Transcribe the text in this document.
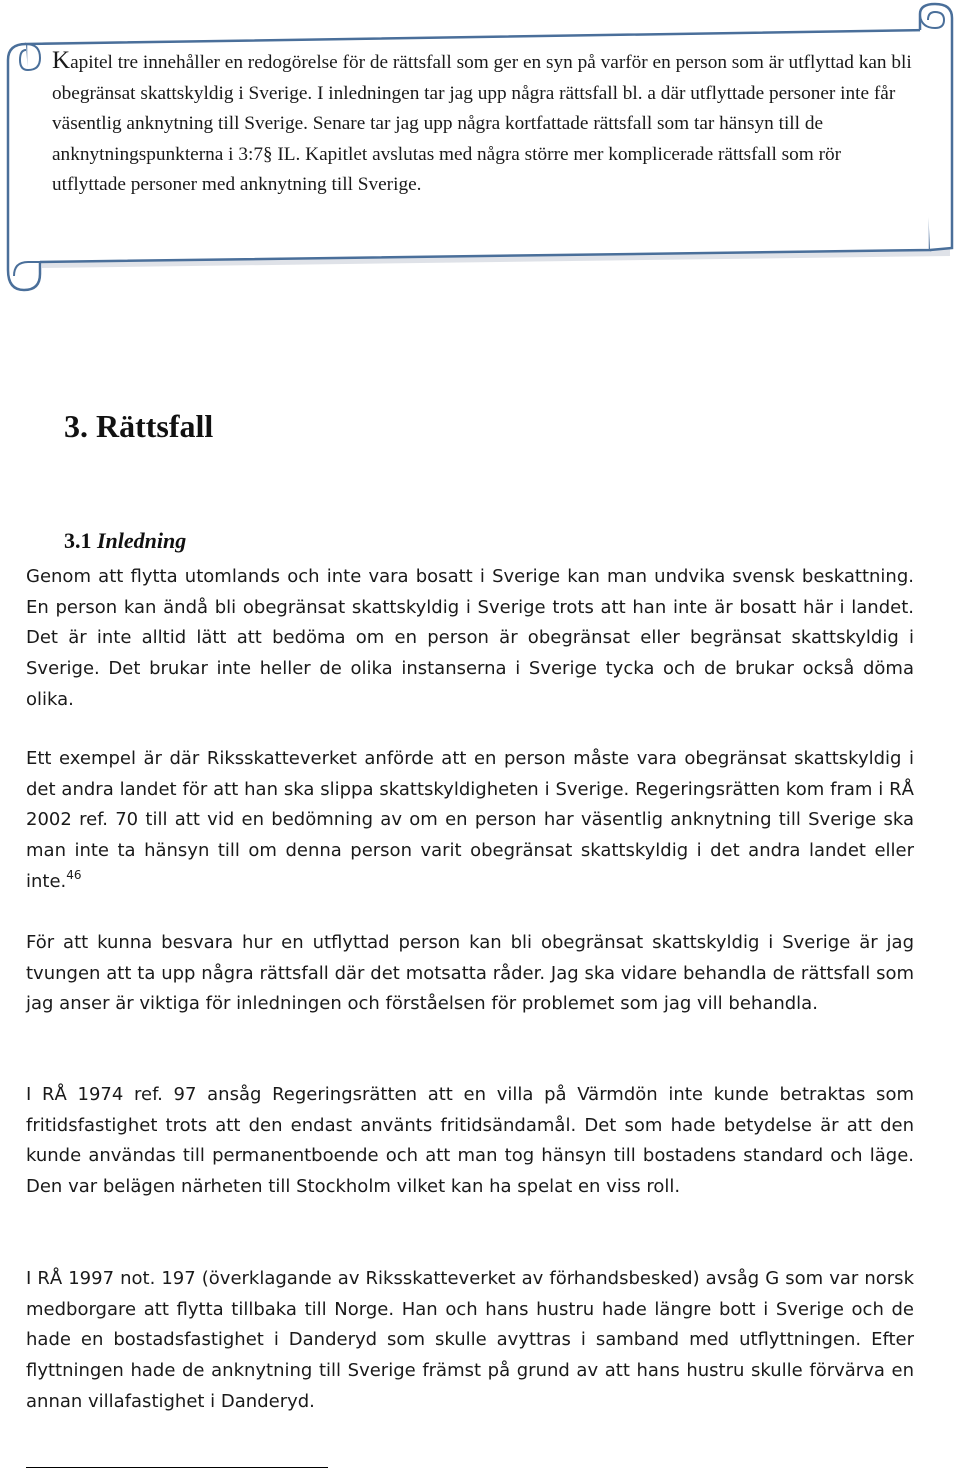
Kapitel tre innehåller en redogörelse för de rättsfall som ger en syn på varför en person som är utflyttad kan bli obegränsat skattskyldig i Sverige. I inledningen tar jag upp några rättsfall bl. a där utflyttade personer inte får väsentlig anknytning till Sverige. Senare tar jag upp några kortfattade rättsfall som tar hänsyn till de anknytningspunkterna i 3:7§ IL. Kapitlet avslutas med några större mer komplicerade rättsfall som rör utflyttade personer med anknytning till Sverige.
3. Rättsfall
3.1 Inledning

Genom att flytta utomlands och inte vara bosatt i Sverige kan man undvika svensk beskattning. En person kan ändå bli obegränsat skattskyldig i Sverige trots att han inte är bosatt här i landet. Det är inte alltid lätt att bedöma om en person är obegränsat eller begränsat skattskyldig i Sverige. Det brukar inte heller de olika instanserna i Sverige tycka och de brukar också döma olika.

Ett exempel är där Riksskatteverket anförde att en person måste vara obegränsat skattskyldig i det andra landet för att han ska slippa skattskyldigheten i Sverige. Regeringsrätten kom fram i RÅ 2002 ref. 70 till att vid en bedömning av om en person har väsentlig anknytning till Sverige ska man inte ta hänsyn till om denna person varit obegränsat skattskyldig i det andra landet eller inte.$^{46}$

För att kunna besvara hur en utflyttad person kan bli obegränsat skattskyldig i Sverige är jag tvungen att ta upp några rättsfall där det motsatta råder. Jag ska vidare behandla de rättsfall som jag anser är viktiga för inledningen och förståelsen för problemet som jag vill behandla.

I RÅ 1974 ref. 97 ansåg Regeringsrätten att en villa på Värmdön inte kunde betraktas som fritidsfastighet trots att den endast använts fritidsändamål. Det som hade betydelse är att den kunde användas till permanentboende och att man tog hänsyn till bostadens standard och läge. Den var belägen närheten till Stockholm vilket kan ha spelat en viss roll.

I RÅ 1997 not. 197 (överklagande av Riksskatteverket av förhandsbesked) avsåg G som var norsk medborgare att flytta tillbaka till Norge. Han och hans hustru hade längre bott i Sverige och de hade en bostadsfastighet i Danderyd som skulle avyttras i samband med utflyttningen. Efter flyttningen hade de anknytning till Sverige främst på grund av att hans hustru skulle förvärva en annan villafastighet i Danderyd.
